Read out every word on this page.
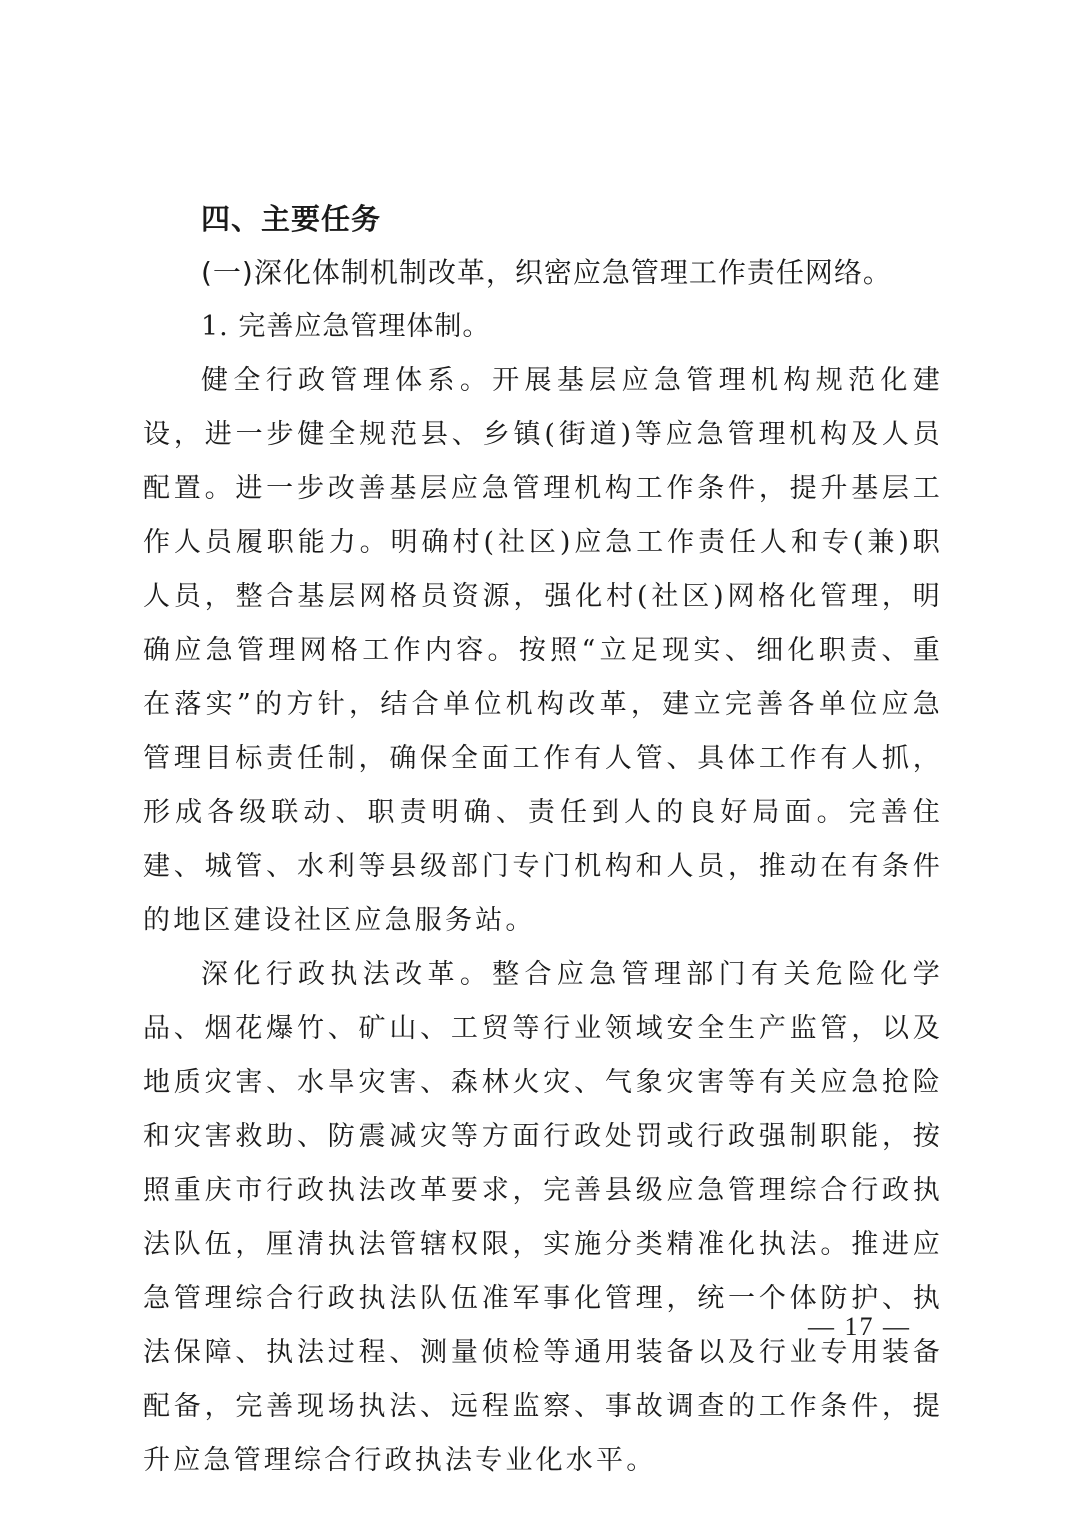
四、主要任务

(一)深化体制机制改革，织密应急管理工作责任网络。

1. 完善应急管理体制。

健全行政管理体系。开展基层应急管理机构规范化建设，进一步健全规范县、乡镇(街道)等应急管理机构及人员配置。进一步改善基层应急管理机构工作条件，提升基层工作人员履职能力。明确村(社区)应急工作责任人和专(兼)职人员，整合基层网格员资源，强化村(社区)网格化管理，明确应急管理网格工作内容。按照“立足现实、细化职责、重在落实”的方针，结合单位机构改革，建立完善各单位应急管理目标责任制，确保全面工作有人管、具体工作有人抓，形成各级联动、职责明确、责任到人的良好局面。完善住建、城管、水利等县级部门专门机构和人员，推动在有条件的地区建设社区应急服务站。

深化行政执法改革。整合应急管理部门有关危险化学品、烟花爆竹、矿山、工贸等行业领域安全生产监管，以及地质灾害、水旱灾害、森林火灾、气象灾害等有关应急抢险和灾害救助、防震减灾等方面行政处罚或行政强制职能，按照重庆市行政执法改革要求，完善县级应急管理综合行政执法队伍，厘清执法管辖权限，实施分类精准化执法。推进应急管理综合行政执法队伍准军事化管理，统一个体防护、执法保障、执法过程、测量侦检等通用装备以及行业专用装备配备，完善现场执法、远程监察、事故调查的工作条件，提升应急管理综合行政执法专业化水平。

— 17 —
